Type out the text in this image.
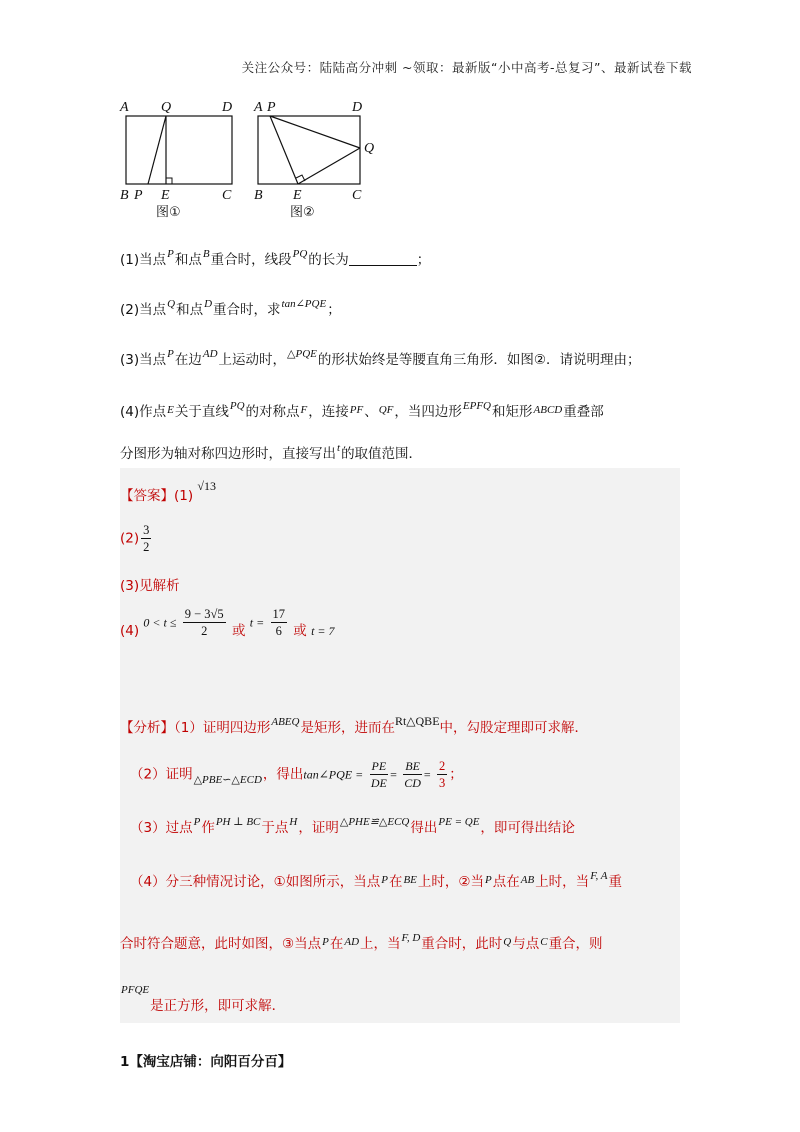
关注公众号：陆陆高分冲刺 ~领取：最新版“小中高考-总复习”、最新试卷下载
A Q	D
B P E	C
A P	D
Q
B E	C
图①	图②
(1)当点$^P$和点$^B$重合时，线段$^{PQ}$的长为	；
(2)当点$^Q$和点$^D$重合时，求$^{tan\angle PQE}$；
(3)当点$^P$在边$^{AD}$上运动时，$^{\triangle PQE}$的形状始终是等腰直角三角形．如图②．请说明理由；
(4)作点$^E$关于直线$^{PQ}$的对称点$^F$，连接$^{PF}$、$^{QF}$，当四边形$^{EPFQ}$和矩形$^{ABCD}$重叠部
分图形为轴对称四边形时，直接写出$^t$的取值范围．
【答案】(1) √13
$(2) \frac{3}{2}$
(3)见解析
(4) $0 < t \le \frac{9 - 3√5}{2}$ 或 $t = \frac{17}{6}$ 或 t = 7
【分析】（1）证明四边形$^{ABEQ}$是矩形，进而在Rt△QBE中，勾股定理即可求解．
（2）证明$_{\triangle PBE∽\triangle ECD}$，得出tan∠PQE = $\frac{PE}{DE} = \frac{BE}{CD} = \frac{2}{3}$ ；
（3）过点$^P$作$^{PH \perp BC}$于点$^H$，证明$^{\triangle PHE≌\triangle ECQ}$得出$^{PE = QE}$，即可得出结论
（4）分三种情况讨论，①如图所示，当点$^P$在$^{BE}$上时，②当$^P$点在$^{AB}$上时，当$^{F, A}$重
合时符合题意，此时如图，③当点$^P$在$^{AD}$上，当$^{F, D}$重合时，此时$^Q$与点$^C$重合，则
$^{PFQE}$是正方形，即可求解．
1【淘宝店铺：向阳百分百】
